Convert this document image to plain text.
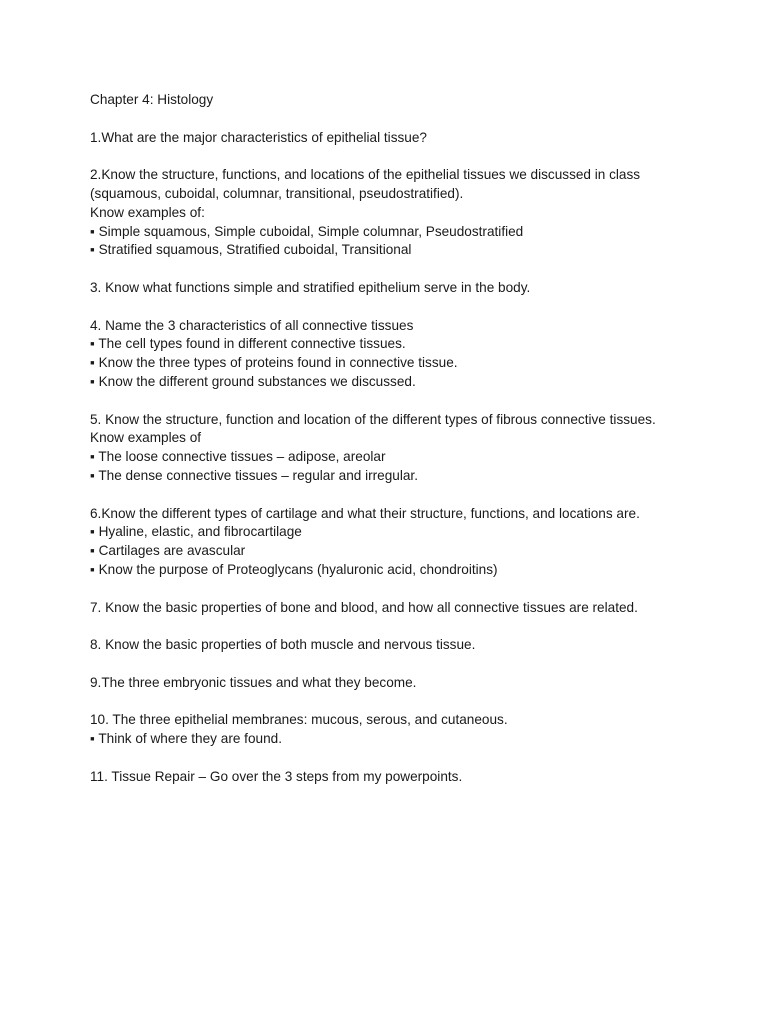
Chapter 4: Histology
1.What are the major characteristics of epithelial tissue?
2.Know the structure, functions, and locations of the epithelial tissues we discussed in class
(squamous, cuboidal, columnar, transitional, pseudostratified).
Know examples of:
▪ Simple squamous, Simple cuboidal, Simple columnar, Pseudostratified
▪ Stratified squamous, Stratified cuboidal, Transitional
3. Know what functions simple and stratified epithelium serve in the body.
4. Name the 3 characteristics of all connective tissues
▪ The cell types found in different connective tissues.
▪ Know the three types of proteins found in connective tissue.
▪ Know the different ground substances we discussed.
5. Know the structure, function and location of the different types of fibrous connective tissues.
Know examples of
▪ The loose connective tissues – adipose, areolar
▪ The dense connective tissues – regular and irregular.
6.Know the different types of cartilage and what their structure, functions, and locations are.
▪ Hyaline, elastic, and fibrocartilage
▪ Cartilages are avascular
▪ Know the purpose of Proteoglycans (hyaluronic acid, chondroitins)
7. Know the basic properties of bone and blood, and how all connective tissues are related.
8. Know the basic properties of both muscle and nervous tissue.
9.The three embryonic tissues and what they become.
10. The three epithelial membranes: mucous, serous, and cutaneous.
▪ Think of where they are found.
11. Tissue Repair – Go over the 3 steps from my powerpoints.
